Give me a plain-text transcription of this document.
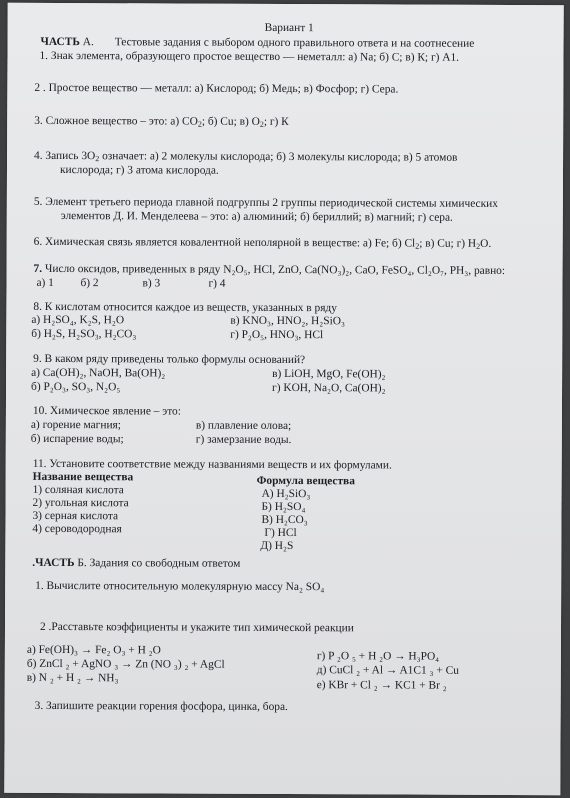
Вариант 1
ЧАСТЬ А. Тестовые задания с выбором одного правильного ответа и на соотнесение
1. Знак элемента, образующего простое вещество — неметалл: а) Na; б) С; в) К; г) А1.
2 . Простое вещество — металл: а) Кислород; б) Медь; в) Фосфор; г) Сера.
3. Сложное вещество – это: а) $СО_2$; б) Cu; в) $О_2$; г) К
4. Запись $3О_2$ означает: а) 2 молекулы кислорода; б) 3 молекулы кислорода; в) 5 атомов
кислорода; г) 3 атома кислорода.
5. Элемент третьего периода главной подгруппы 2 группы периодической системы химических
элементов Д. И. Менделеева – это: а) алюминий; б) бериллий; в) магний; г) сера.
6. Химическая связь является ковалентной неполярной в веществе: а) Fe; б) $Cl_2$; в) Cu; г) $Н_2О$.
7. Число оксидов, приведенных в ряду N₂O₅, НCl, ZnO, Ca(NO₃)₂, CaO, FeSO₄, Cl₂O₇, PH₃, равно:
а) 1 б) 2	в) 3	г) 4
8. К кислотам относится каждое из веществ, указанных в ряду
а) H₂SO₄, K₂S, H₂O	в) KNO₃, HNO₂, H₂SiO₃
б) H₂S, H₂SO₃, H₂CO₃	г) P₂O₅, HNO₃, HCl
9. В каком ряду приведены только формулы оснований?
а) Ca(OH)₂, NaOH, Ba(OH)₂	в) LiOH, MgO, Fe(OH)₂
б) P₂O₃, SO₃, N₂O₅	г) KOH, Na₂O, Ca(OH)₂
10. Химическое явление – это:
а) горение магния;	в) плавление олова;
б) испарение воды;	г) замерзание воды.
11. Установите соответствие между названиями веществ и их формулами.
Название вещества	Формула вещества
1) соляная кислота
2) угольная кислота
3) серная кислота
4) сероводородная
А) H₂SiO₃
Б) H₂SO₄
В) H₂CO₃
Г) HCl
Д) H₂S
.ЧАСТЬ Б. Задания со свободным ответом
1. Вычислите относительную молекулярную массу Na₂ SO₄
2 .Расставьте коэффициенты и укажите тип химической реакции
а) Fe(OH)₃ → Fe₂ O₃ + H ₂O
б) ZnCl ₂ + AgNO ₃ → Zn (NO ₃) ₂ + AgCl
в) N ₂ + H ₂ → NH₃
г) P ₂O ₅ + H ₂O → H₃PO₄
д) CuCl ₂ + Al → A1C1 ₃ + Cu
е) KBr + Cl ₂ → KC1 + Br ₂
3. Запишите реакции горения фосфора, цинка, бора.
